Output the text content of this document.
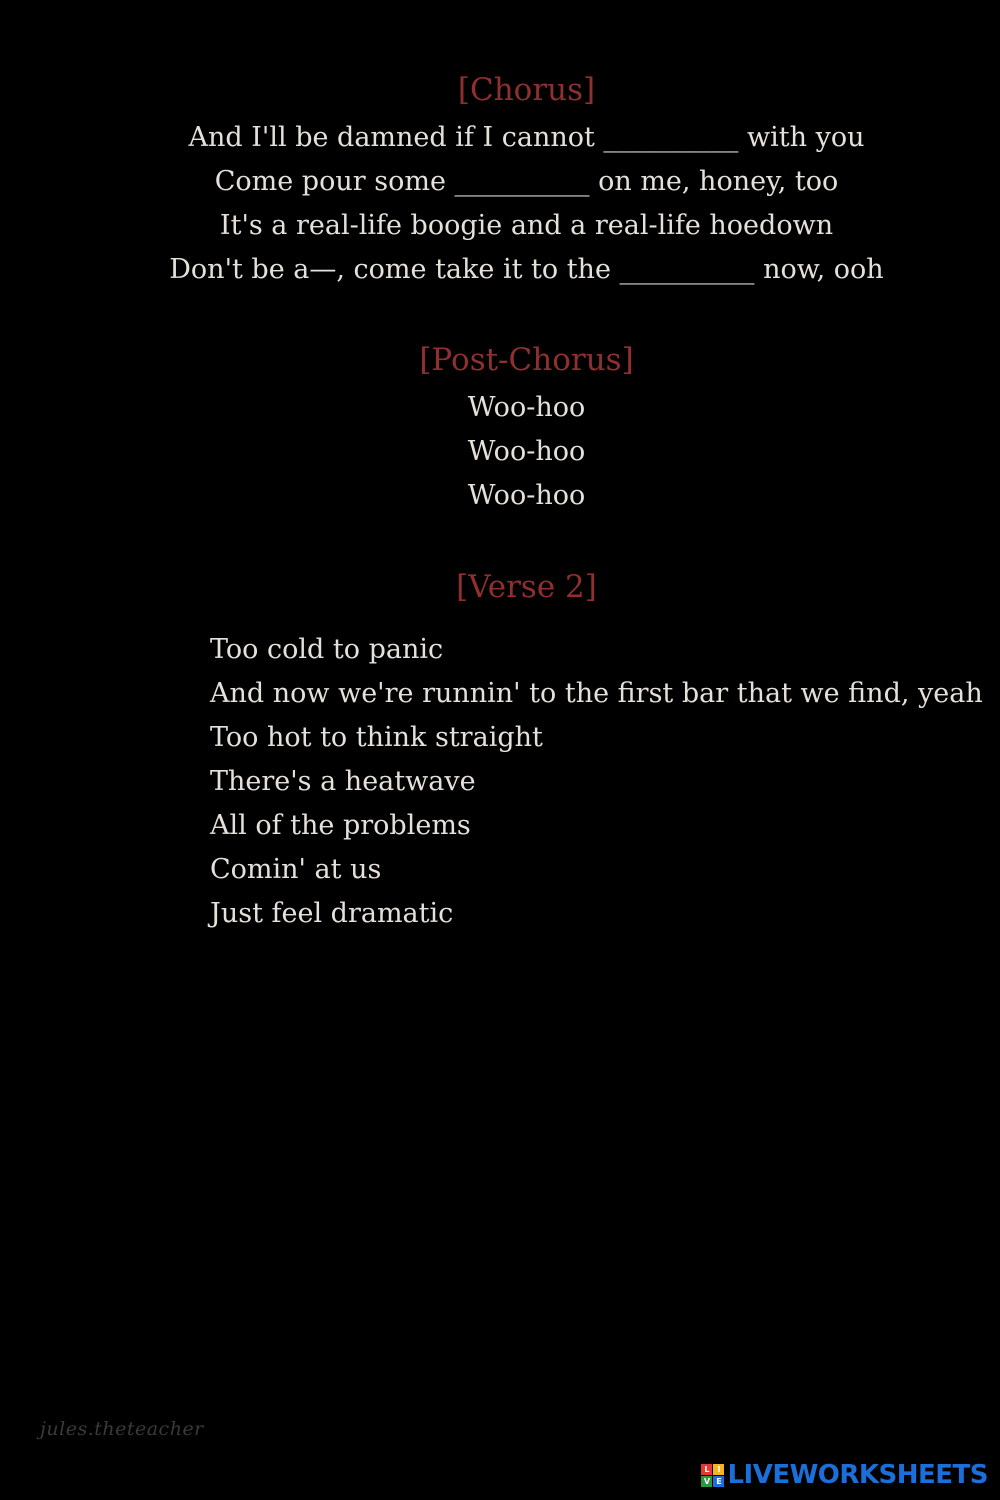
[Chorus]

And I'll be damned if I cannot __________ with you

Come pour some __________ on me, honey, too

It's a real-life boogie and a real-life hoedown

Don't be a—, come take it to the __________ now, ooh

[Post-Chorus]

Woo-hoo

Woo-hoo

Woo-hoo

[Verse 2]

Too cold to panic

And now we're runnin' to the first bar that we find, yeah

Too hot to think straight

There's a heatwave

All of the problems

Comin' at us

Just feel dramatic

jules.theteacher
L I
V E LIVEWORKSHEETS
